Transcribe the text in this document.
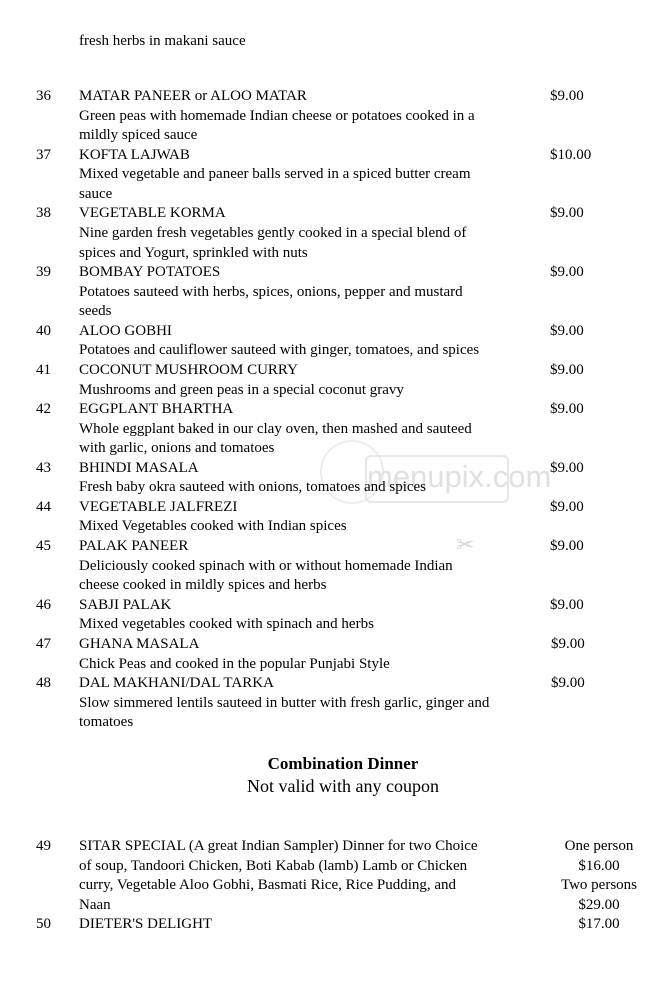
fresh herbs in makani sauce
menupix.com
✂
36 MATAR PANEER or ALOO MATAR	$9.00
Green peas with homemade Indian cheese or potatoes cooked in a
mildly spiced sauce
37 KOFTA LAJWAB	$10.00
Mixed vegetable and paneer balls served in a spiced butter cream
sauce
38 VEGETABLE KORMA	$9.00
Nine garden fresh vegetables gently cooked in a special blend of
spices and Yogurt, sprinkled with nuts
39 BOMBAY POTATOES	$9.00
Potatoes sauteed with herbs, spices, onions, pepper and mustard
seeds
40 ALOO GOBHI	$9.00
Potatoes and cauliflower sauteed with ginger, tomatoes, and spices
41 COCONUT MUSHROOM CURRY	$9.00
Mushrooms and green peas in a special coconut gravy
42 EGGPLANT BHARTHA	$9.00
Whole eggplant baked in our clay oven, then mashed and sauteed
with garlic, onions and tomatoes
43 BHINDI MASALA	$9.00
Fresh baby okra sauteed with onions, tomatoes and spices
44 VEGETABLE JALFREZI	$9.00
Mixed Vegetables cooked with Indian spices
45 PALAK PANEER	$9.00
Deliciously cooked spinach with or without homemade Indian
cheese cooked in mildly spices and herbs
46 SABJI PALAK	$9.00
Mixed vegetables cooked with spinach and herbs
47 GHANA MASALA	$9.00
Chick Peas and cooked in the popular Punjabi Style
48 DAL MAKHANI/DAL TARKA	$9.00
Slow simmered lentils sauteed in butter with fresh garlic, ginger and
tomatoes
Combination Dinner
Not valid with any coupon
49 SITAR SPECIAL (A great Indian Sampler) Dinner for two Choice
of soup, Tandoori Chicken, Boti Kabab (lamb) Lamb or Chicken
curry, Vegetable Aloo Gobhi, Basmati Rice, Rice Pudding, and
Naan
One person
$16.00
Two persons
$29.00
50 DIETER'S DELIGHT	$17.00
